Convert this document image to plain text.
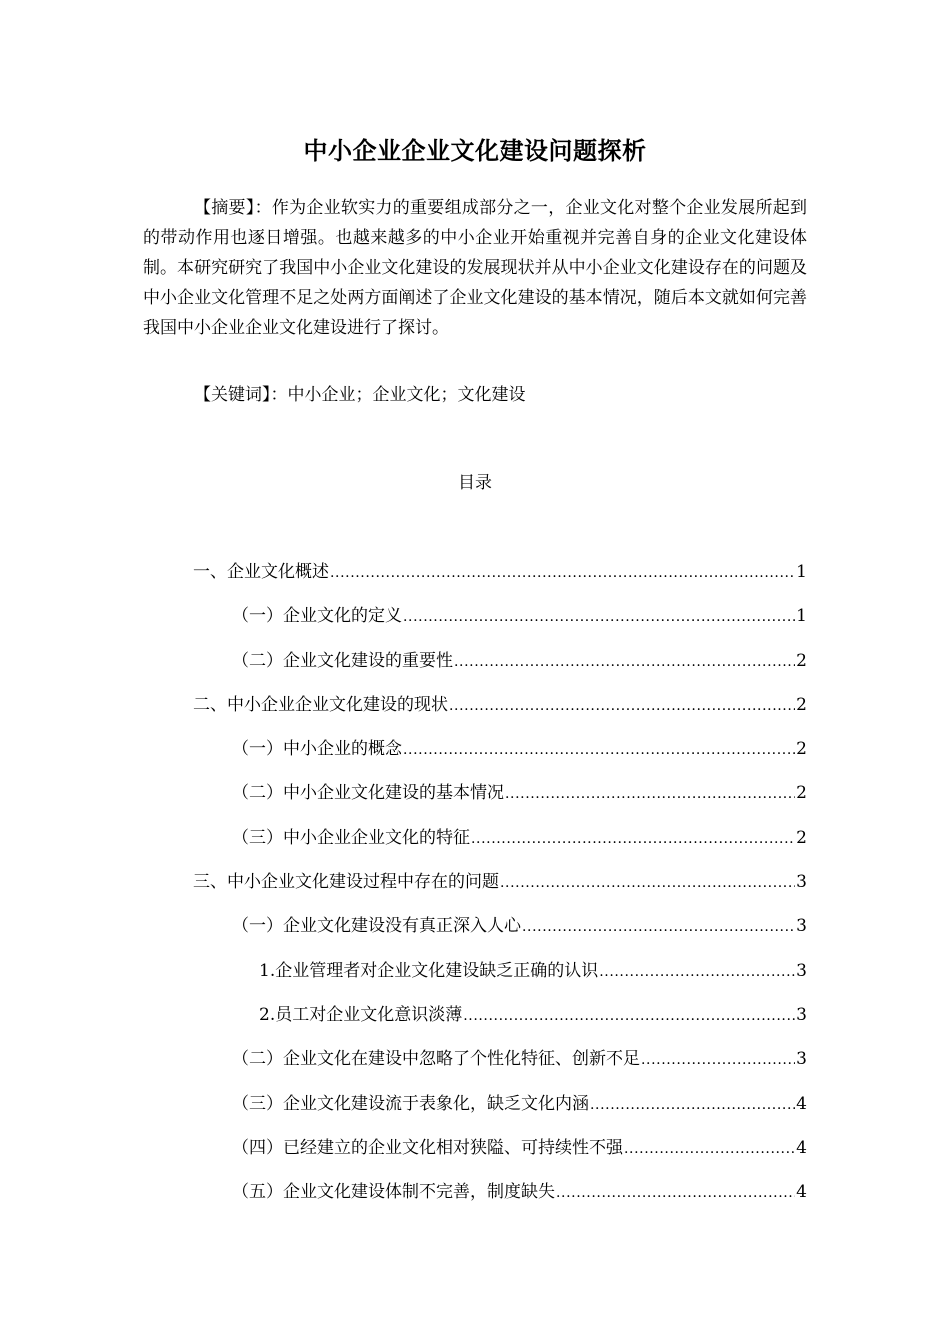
中小企业企业文化建设问题探析

【摘要】：作为企业软实力的重要组成部分之一，企业文化对整个企业发展所起到的带动作用也逐日增强。也越来越多的中小企业开始重视并完善自身的企业文化建设体制。本研究研究了我国中小企业文化建设的发展现状并从中小企业文化建设存在的问题及中小企业文化管理不足之处两方面阐述了企业文化建设的基本情况，随后本文就如何完善我国中小企业企业文化建设进行了探讨。

【关键词】：中小企业；企业文化；文化建设

目录
一、企业文化概述 .....	1
（一）企业文化的定义 .....	1
（二）企业文化建设的重要性 .....	2
二、中小企业企业文化建设的现状 .....	2
（一）中小企业的概念 .....	2
（二）中小企业文化建设的基本情况 .....	2
（三）中小企业企业文化的特征 .....	2
三、中小企业文化建设过程中存在的问题 .....	3
（一）企业文化建设没有真正深入人心 .....	3
1.企业管理者对企业文化建设缺乏正确的认识 .....	3
2.员工对企业文化意识淡薄 .....	3
（二）企业文化在建设中忽略了个性化特征、创新不足 .....	3
（三）企业文化建设流于表象化，缺乏文化内涵 .....	4
（四）已经建立的企业文化相对狭隘、可持续性不强 .....	4
（五）企业文化建设体制不完善，制度缺失 .....	4
